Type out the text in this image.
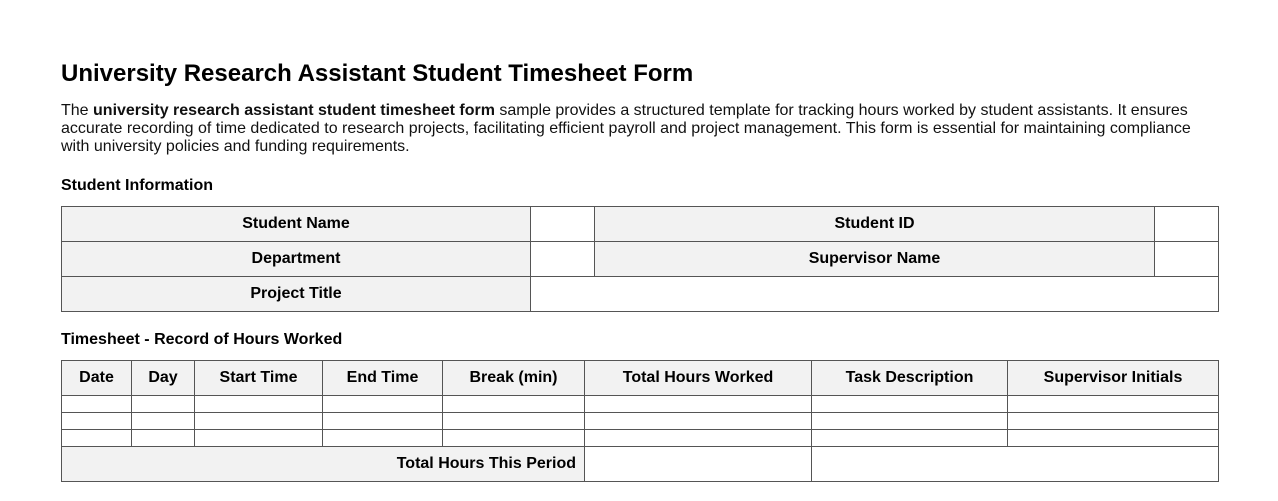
University Research Assistant Student Timesheet Form

The university research assistant student timesheet form sample provides a structured template for tracking hours worked by student assistants. It ensures accurate recording of time dedicated to research projects, facilitating efficient payroll and project management. This form is essential for maintaining compliance with university policies and funding requirements.

Student Information
Student Name		Student ID	
Department		Supervisor Name	
Project Title			
Timesheet - Record of Hours Worked
Date	Day	Start Time	End Time	Break (min)	Total Hours Worked	Task Description	Supervisor Initials

Total Hours This Period							
